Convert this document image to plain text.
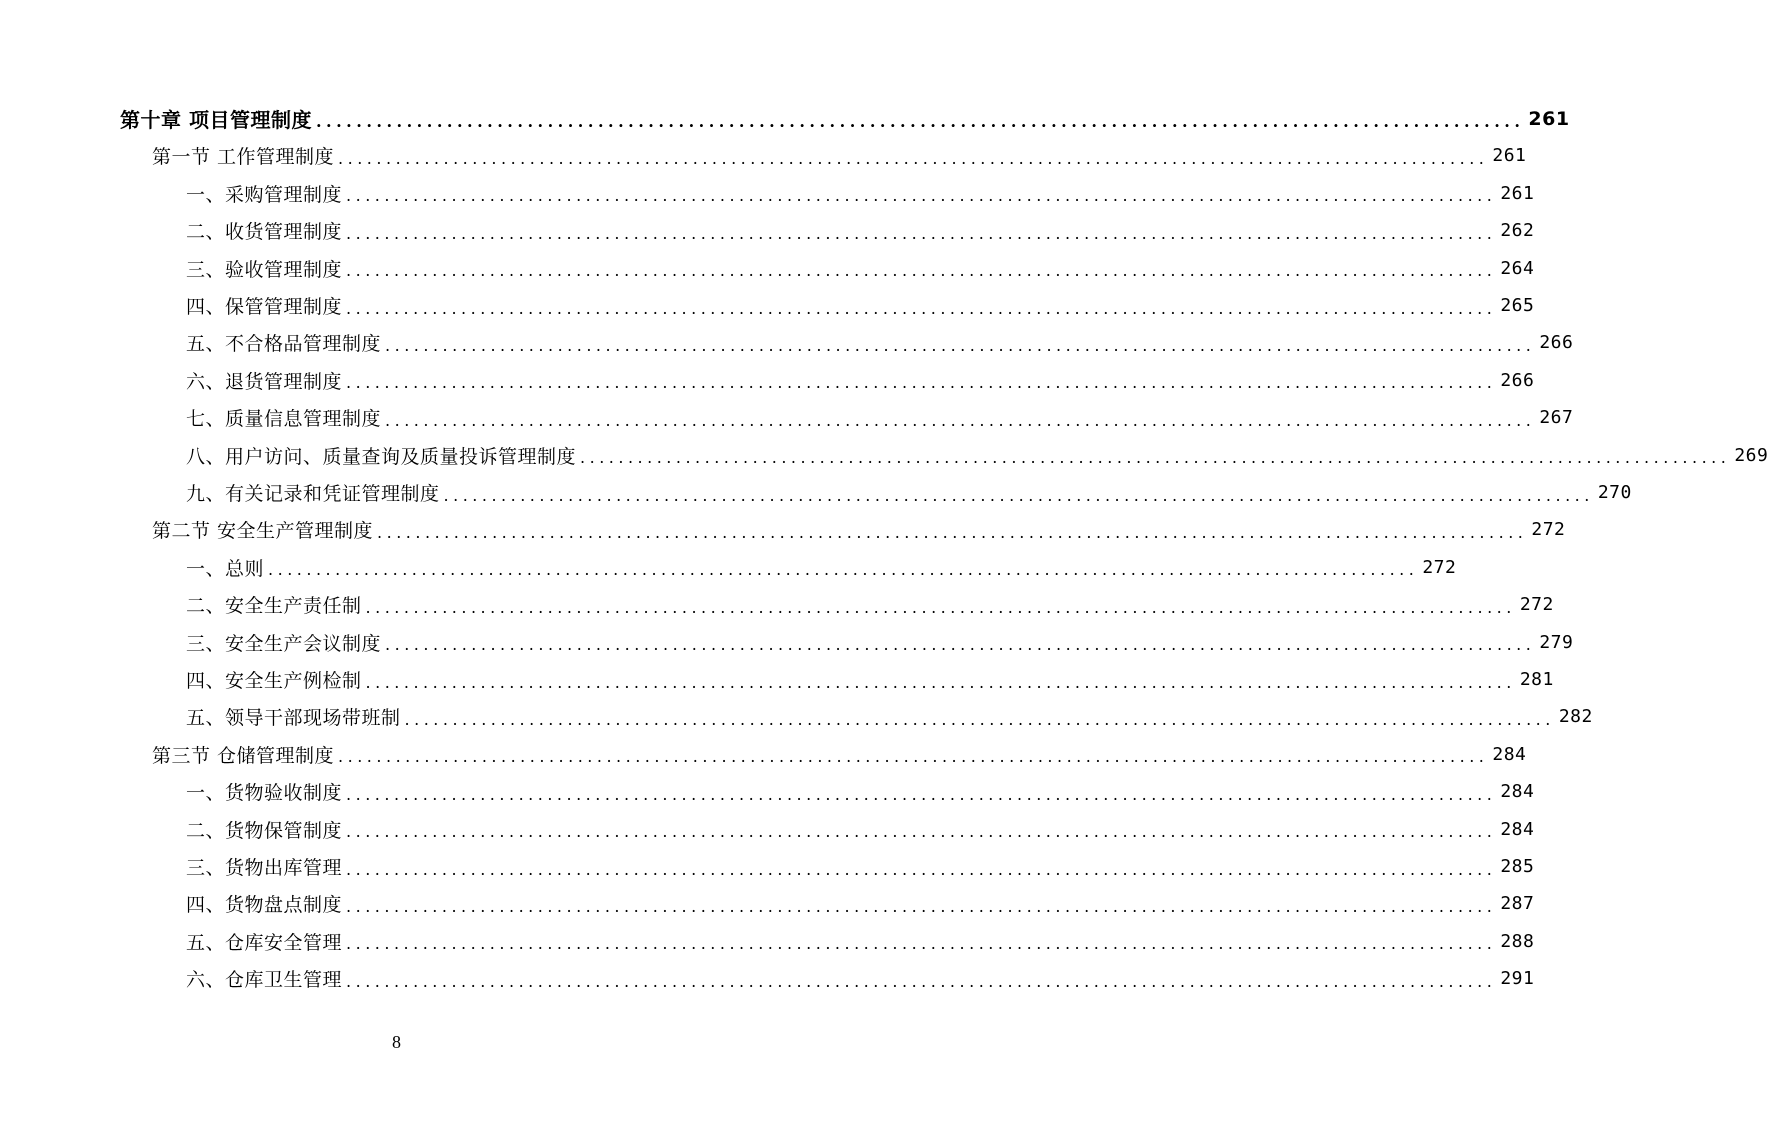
第十章 项目管理制度 ........................................................................................................................ 261
第一节 工作管理制度 ........................................................................................................................ 261
一、采购管理制度 ........................................................................................................................ 261
二、收货管理制度 ........................................................................................................................ 262
三、验收管理制度 ........................................................................................................................ 264
四、保管管理制度 ........................................................................................................................ 265
五、不合格品管理制度 ........................................................................................................................ 266
六、退货管理制度 ........................................................................................................................ 266
七、质量信息管理制度 ........................................................................................................................ 267
八、用户访问、质量查询及质量投诉管理制度 ........................................................................................................................ 269
九、有关记录和凭证管理制度 ........................................................................................................................ 270
第二节 安全生产管理制度 ........................................................................................................................ 272
一、总则 ........................................................................................................................ 272
二、安全生产责任制 ........................................................................................................................ 272
三、安全生产会议制度 ........................................................................................................................ 279
四、安全生产例检制 ........................................................................................................................ 281
五、领导干部现场带班制 ........................................................................................................................ 282
第三节 仓储管理制度 ........................................................................................................................ 284
一、货物验收制度 ........................................................................................................................ 284
二、货物保管制度 ........................................................................................................................ 284
三、货物出库管理 ........................................................................................................................ 285
四、货物盘点制度 ........................................................................................................................ 287
五、仓库安全管理 ........................................................................................................................ 288
六、仓库卫生管理 ........................................................................................................................ 291
8
